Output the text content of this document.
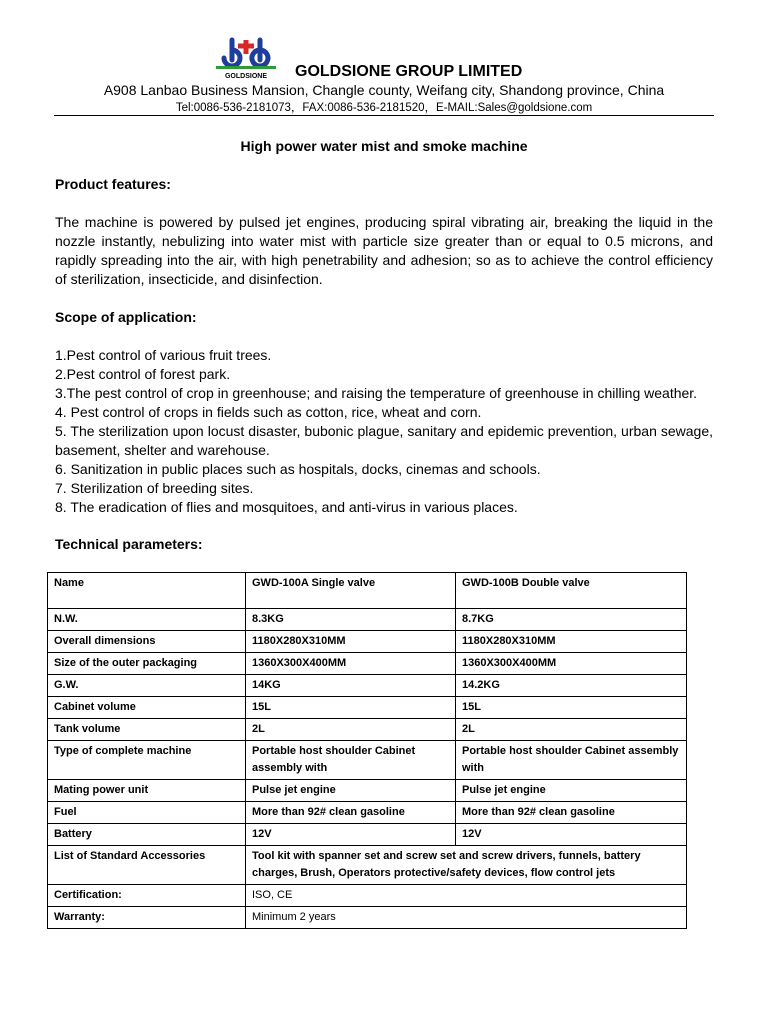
GOLDSIONE GOLDSIONE GROUP LIMITED
A908 Lanbao Business Mansion, Changle county, Weifang city, Shandong province, China
Tel:0086-536-2181073，FAX:0086-536-2181520，E-MAIL:Sales@goldsione.com
High power water mist and smoke machine
Product features:
The machine is powered by pulsed jet engines, producing spiral vibrating air, breaking the liquid in the nozzle instantly, nebulizing into water mist with particle size greater than or equal to 0.5 microns, and rapidly spreading into the air, with high penetrability and adhesion; so as to achieve the control efficiency of sterilization, insecticide, and disinfection.
Scope of application:
1.Pest control of various fruit trees.
2.Pest control of forest park.
3.The pest control of crop in greenhouse; and raising the temperature of greenhouse in chilling weather.
4. Pest control of crops in fields such as cotton, rice, wheat and corn.
5. The sterilization upon locust disaster, bubonic plague, sanitary and epidemic prevention, urban sewage, basement, shelter and warehouse.
6. Sanitization in public places such as hospitals, docks, cinemas and schools.
7. Sterilization of breeding sites.
8. The eradication of flies and mosquitoes, and anti-virus in various places.
Technical parameters:
Name	GWD-100A Single valve	GWD-100B Double valve
N.W.	8.3KG	8.7KG
Overall dimensions	1180X280X310MM	1180X280X310MM
Size of the outer packaging	1360X300X400MM	1360X300X400MM
G.W.	14KG	14.2KG
Cabinet volume	15L	15L
Tank volume	2L	2L
Type of complete machine	Portable host shoulder Cabinet assembly with	Portable host shoulder Cabinet assembly with
Mating power unit	Pulse jet engine	Pulse jet engine
Fuel	More than 92# clean gasoline	More than 92# clean gasoline
Battery	12V	12V
List of Standard Accessories	Tool kit with spanner set and screw set and screw drivers, funnels, battery charges, Brush, Operators protective/safety devices, flow control jets	
Certification:	ISO, CE	
Warranty:	Minimum 2 years	
